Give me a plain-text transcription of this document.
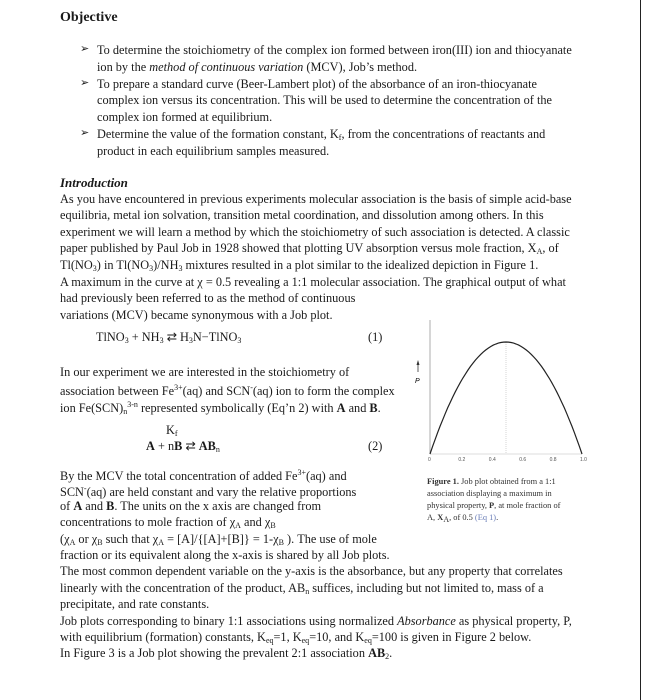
Objective
➢ To determine the stoichiometry of the complex ion formed between iron(III) ion and thiocyanate
ion by the method of continuous variation (MCV), Job’s method.
➢ To prepare a standard curve (Beer-Lambert plot) of the absorbance of an iron-thiocyanate
complex ion versus its concentration. This will be used to determine the concentration of the
complex ion formed at equilibrium.
➢ Determine the value of the formation constant, $K_f$, from the concentrations of reactants and
product in each equilibrium samples measured.
Introduction
As you have encountered in previous experiments molecular association is the basis of simple acid-base
equilibria, metal ion solvation, transition metal coordination, and dissolution among others. In this
experiment we will learn a method by which the stoichiometry of such association is detected. A classic
paper published by Paul Job in 1928 showed that plotting UV absorption versus mole fraction, $X_A$, of
$Tl(NO_3)$ in $Tl(NO_3)/NH_3$ mixtures resulted in a plot similar to the idealized depiction in Figure 1.
A maximum in the curve at χ = 0.5 revealing a 1:1 molecular association. The graphical output of what
had previously been referred to as the method of continuous
variations (MCV) became synonymous with a Job plot.
TlNO$_3$ + $NH_3$ ⇄ $H_3N-TlNO_3$	(1)
In our experiment we are interested in the stoichiometry of
association between $Fe^{3+}(aq)$ and SCN-(aq) ion to form the complex
ion $Fe(SCN)_n^{3-n}$ represented symbolically (Eq’n 2) with A and B.
$K_f$
A + nB ⇄ $AB_n$	(2)
By the MCV the total concentration of added $Fe^{3+}(aq)$ and
SCN-(aq) are held constant and vary the relative proportions
of A and B. The units on the x axis are changed from
concentrations to mole fraction of $\chi_A$ and $\chi_B$
($\chi_A$ or $\chi_B$ such that $\chi_A = [A]/\{[A]+[B]\} = 1-\chi_B$ ). The use of mole
fraction or its equivalent along the x-axis is shared by all Job plots.
The most common dependent variable on the y-axis is the absorbance, but any property that correlates
linearly with the concentration of the product, $AB_n$ suffices, including but not limited to, mass of a
precipitate, and rate constants.
Job plots corresponding to binary 1:1 associations using normalized Absorbance as physical property, P,
with equilibrium (formation) constants, $K_{eq}=1$, $K_{eq}=10$, and $K_{eq}=100$ is given in Figure 2 below.
In Figure 3 is a Job plot showing the prevalent 2:1 association $AB_2$.
P
0	0.2	0.4	0.6	0.8	1.0
Figure 1. Job plot obtained from a 1:1
association displaying a maximum in
physical property, P, at mole fraction of
A, XA, of 0.5 (Eq 1).
